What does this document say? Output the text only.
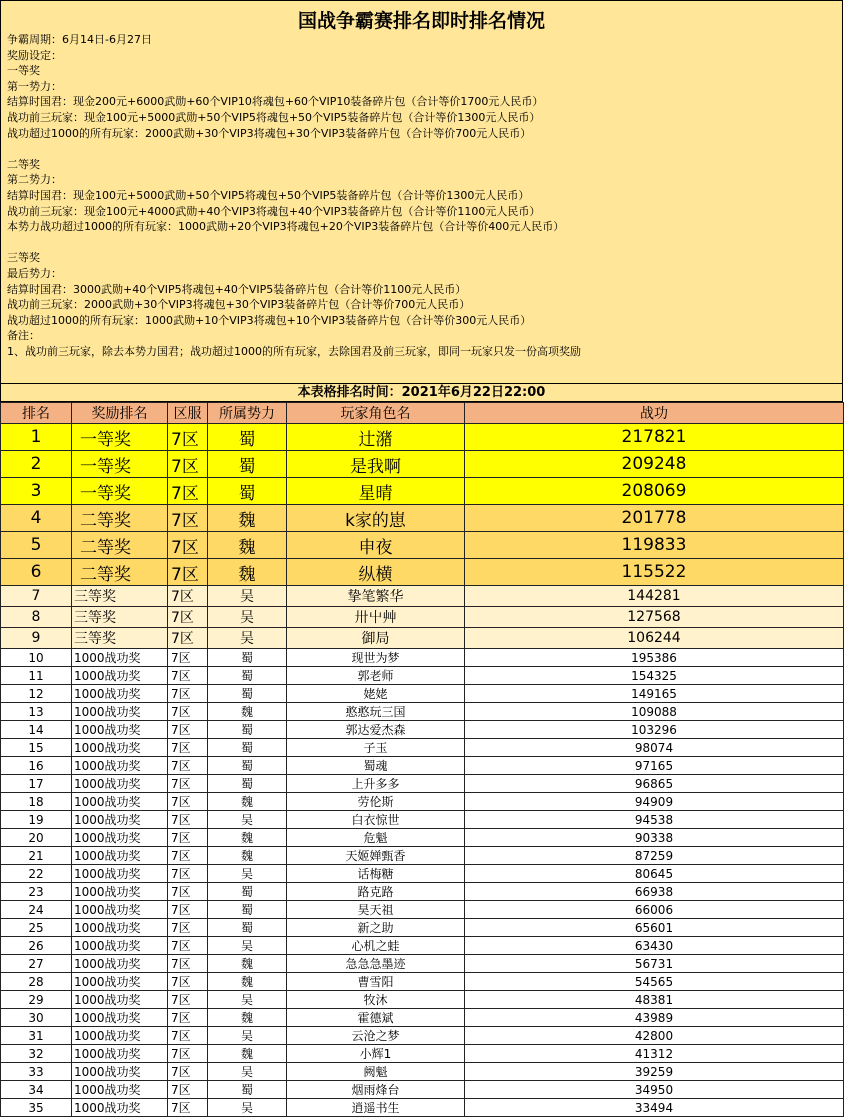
国战争霸赛排名即时排名情况
争霸周期：6月14日-6月27日
奖励设定：
一等奖
第一势力：
结算时国君：现金200元+6000武勋+60个VIP10将魂包+60个VIP10装备碎片包（合计等价1700元人民币）
战功前三玩家：现金100元+5000武勋+50个VIP5将魂包+50个VIP5装备碎片包（合计等价1300元人民币）
战功超过1000的所有玩家：2000武勋+30个VIP3将魂包+30个VIP3装备碎片包（合计等价700元人民币）
二等奖
第二势力：
结算时国君：现金100元+5000武勋+50个VIP5将魂包+50个VIP5装备碎片包（合计等价1300元人民币）
战功前三玩家：现金100元+4000武勋+40个VIP3将魂包+40个VIP3装备碎片包（合计等价1100元人民币）
本势力战功超过1000的所有玩家：1000武勋+20个VIP3将魂包+20个VIP3装备碎片包（合计等价400元人民币）
三等奖
最后势力：
结算时国君：3000武勋+40个VIP5将魂包+40个VIP5装备碎片包（合计等价1100元人民币）
战功前三玩家：2000武勋+30个VIP3将魂包+30个VIP3装备碎片包（合计等价700元人民币）
战功超过1000的所有玩家：1000武勋+10个VIP3将魂包+10个VIP3装备碎片包（合计等价300元人民币）
备注：
1、战功前三玩家，除去本势力国君；战功超过1000的所有玩家，去除国君及前三玩家，即同一玩家只发一份高项奖励
本表格排名时间：2021年6月22日22:00
排名	奖励排名	区服	所属势力	玩家角色名	战功
1	一等奖	7区	蜀	辻潴	217821
2	一等奖	7区	蜀	是我啊	209248
3	一等奖	7区	蜀	星晴	208069
4	二等奖	7区	魏	k家的崽	201778
5	二等奖	7区	魏	申夜	119833
6	二等奖	7区	魏	纵横	115522
7	三等奖	7区	吴	挚笔繁华	144281
8	三等奖	7区	吴	卅屮艸	127568
9	三等奖	7区	吴	御局	106244
10	1000战功奖	7区	蜀	现世为梦	195386
11	1000战功奖	7区	蜀	郭老师	154325
12	1000战功奖	7区	蜀	姥姥	149165
13	1000战功奖	7区	魏	憨憨玩三国	109088
14	1000战功奖	7区	蜀	郭达爱杰森	103296
15	1000战功奖	7区	蜀	子玉	98074
16	1000战功奖	7区	蜀	蜀魂	97165
17	1000战功奖	7区	蜀	上升多多	96865
18	1000战功奖	7区	魏	劳伦斯	94909
19	1000战功奖	7区	吴	白衣惊世	94538
20	1000战功奖	7区	魏	危魁	90338
21	1000战功奖	7区	魏	天姬婵甄香	87259
22	1000战功奖	7区	吴	话梅糖	80645
23	1000战功奖	7区	蜀	路克路	66938
24	1000战功奖	7区	蜀	昊天祖	66006
25	1000战功奖	7区	蜀	新之助	65601
26	1000战功奖	7区	吴	心机之蛙	63430
27	1000战功奖	7区	魏	急急急墨迹	56731
28	1000战功奖	7区	魏	曹雪阳	54565
29	1000战功奖	7区	吴	牧沐	48381
30	1000战功奖	7区	魏	霍德斌	43989
31	1000战功奖	7区	吴	云沧之梦	42800
32	1000战功奖	7区	魏	小辉1	41312
33	1000战功奖	7区	吴	阙魁	39259
34	1000战功奖	7区	蜀	烟雨烽台	34950
35	1000战功奖	7区	吴	逍遥书生	33494
